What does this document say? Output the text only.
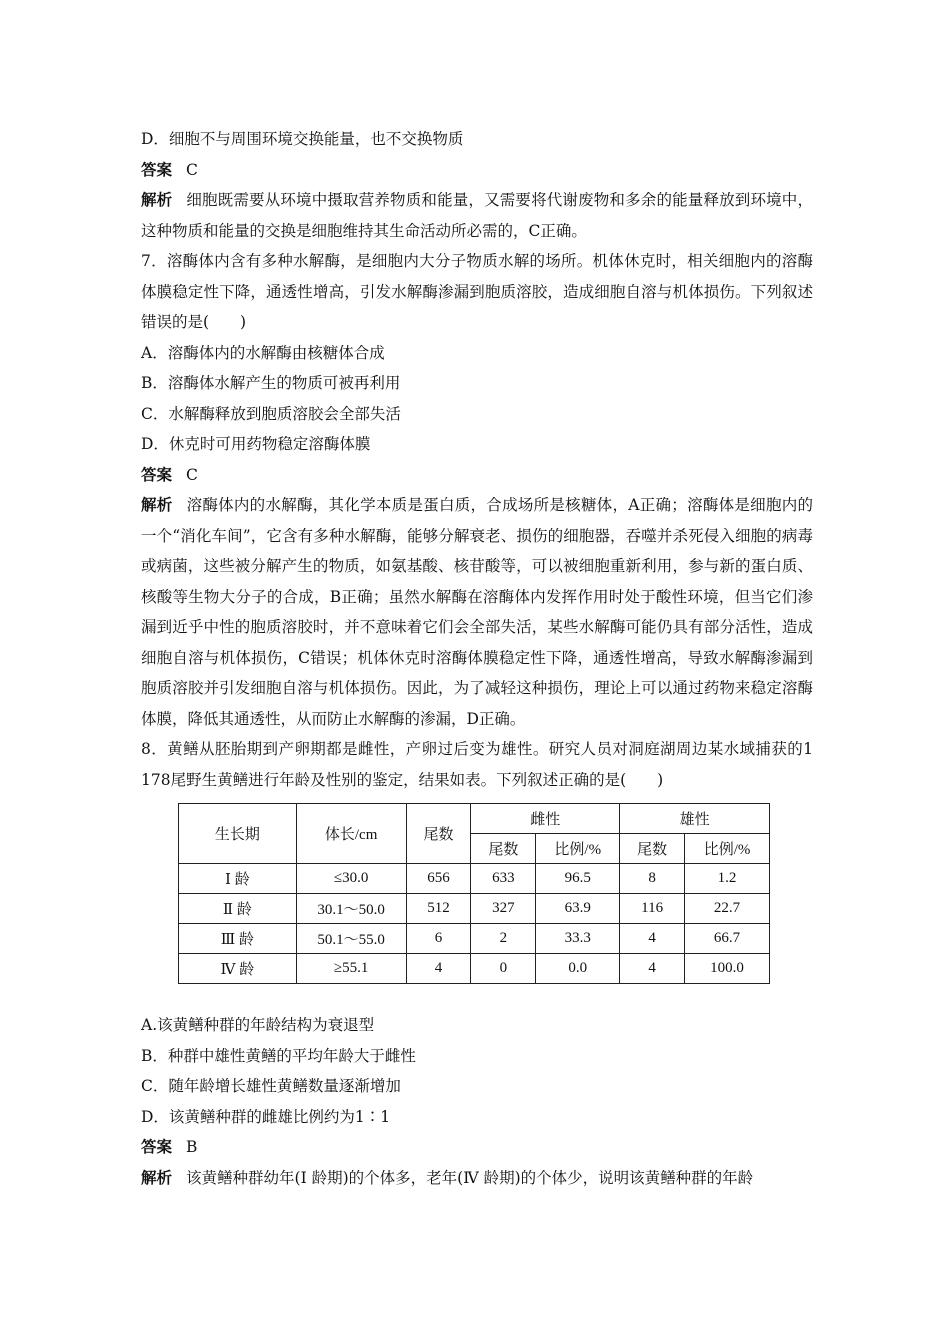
D．细胞不与周围环境交换能量，也不交换物质
答案 C
解析 细胞既需要从环境中摄取营养物质和能量，又需要将代谢废物和多余的能量释放到环境中，这种物质和能量的交换是细胞维持其生命活动所必需的，C正确。
7．溶酶体内含有多种水解酶，是细胞内大分子物质水解的场所。机体休克时，相关细胞内的溶酶体膜稳定性下降，通透性增高，引发水解酶渗漏到胞质溶胶，造成细胞自溶与机体损伤。下列叙述错误的是(　　)
A．溶酶体内的水解酶由核糖体合成
B．溶酶体水解产生的物质可被再利用
C．水解酶释放到胞质溶胶会全部失活
D．休克时可用药物稳定溶酶体膜
答案 C
解析 溶酶体内的水解酶，其化学本质是蛋白质，合成场所是核糖体，A正确；溶酶体是细胞内的一个“消化车间”，它含有多种水解酶，能够分解衰老、损伤的细胞器，吞噬并杀死侵入细胞的病毒或病菌，这些被分解产生的物质，如氨基酸、核苷酸等，可以被细胞重新利用，参与新的蛋白质、核酸等生物大分子的合成，B正确；虽然水解酶在溶酶体内发挥作用时处于酸性环境，但当它们渗漏到近乎中性的胞质溶胶时，并不意味着它们会全部失活，某些水解酶可能仍具有部分活性，造成细胞自溶与机体损伤，C错误；机体休克时溶酶体膜稳定性下降，通透性增高，导致水解酶渗漏到胞质溶胶并引发细胞自溶与机体损伤。因此，为了减轻这种损伤，理论上可以通过药物来稳定溶酶体膜，降低其通透性，从而防止水解酶的渗漏，D正确。
8．黄鳝从胚胎期到产卵期都是雌性，产卵过后变为雄性。研究人员对洞庭湖周边某水域捕获的1 178尾野生黄鳝进行年龄及性别的鉴定，结果如表。下列叙述正确的是(　　)
生长期	体长/cm	尾数	雌性		雄性	
			尾数	比例/%	尾数	比例/%
Ⅰ 龄	≤30.0	656	633	96.5	8	1.2
Ⅱ 龄	30.1～50.0	512	327	63.9	116	22.7
Ⅲ 龄	50.1～55.0	6	2	33.3	4	66.7
Ⅳ 龄	≥55.1	4	0	0.0	4	100.0
A.该黄鳝种群的年龄结构为衰退型
B．种群中雄性黄鳝的平均年龄大于雌性
C．随年龄增长雄性黄鳝数量逐渐增加
D．该黄鳝种群的雌雄比例约为1∶1
答案 B
解析 该黄鳝种群幼年(Ⅰ 龄期)的个体多，老年(Ⅳ 龄期)的个体少，说明该黄鳝种群的年龄
